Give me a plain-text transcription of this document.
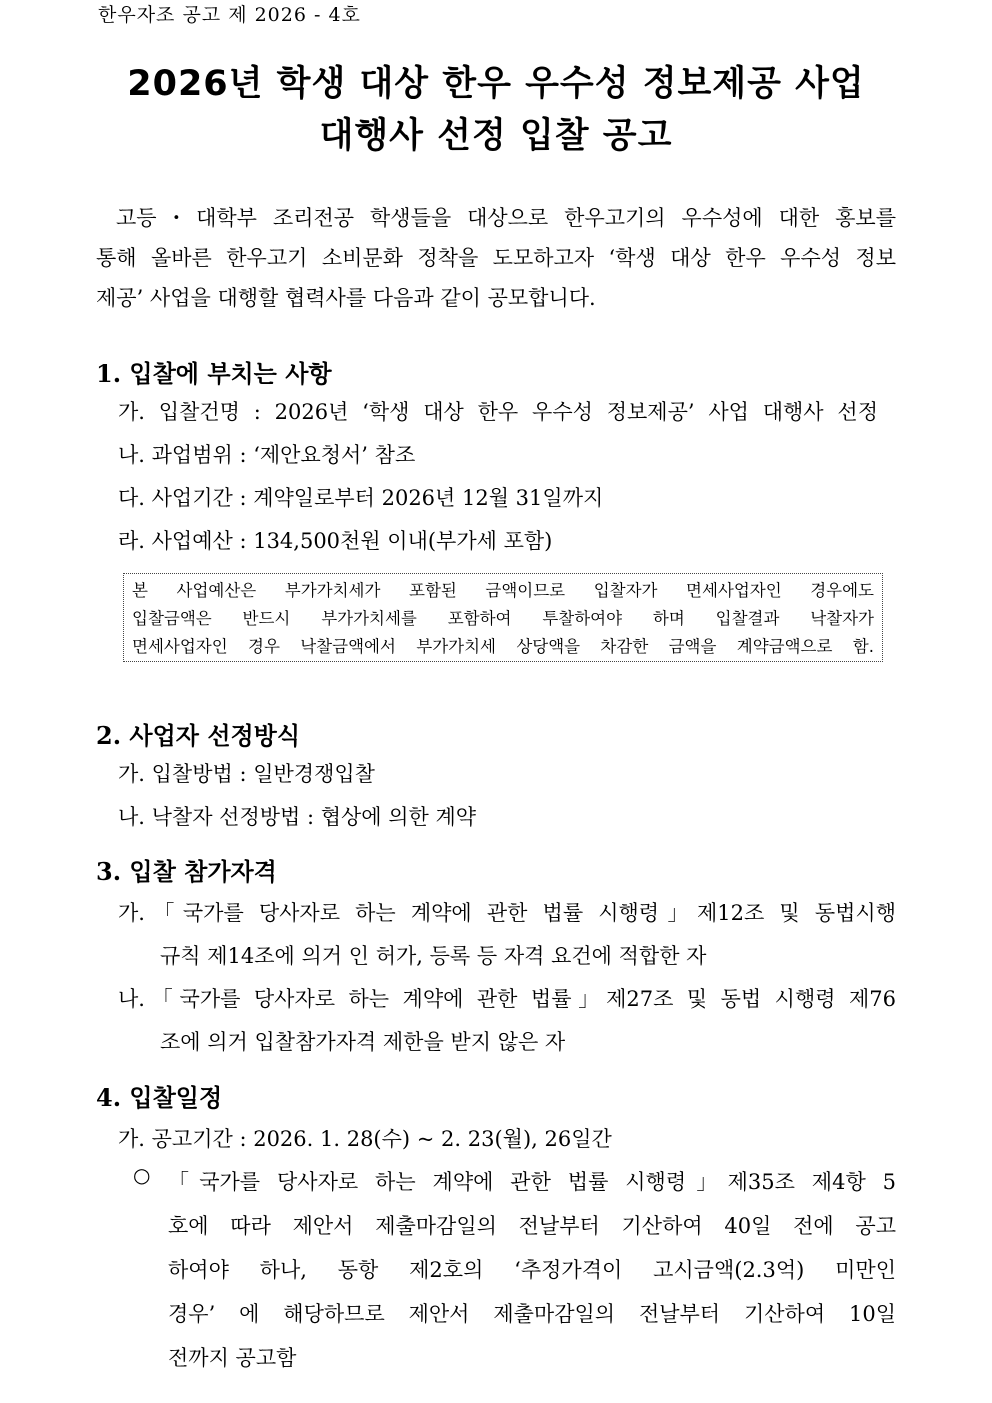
한우자조 공고 제 2026 - 4호
2026년 학생 대상 한우 우수성 정보제공 사업
대행사 선정 입찰 공고

고등・대학부 조리전공 학생들을 대상으로 한우고기의 우수성에 대한 홍보를

통해 올바른 한우고기 소비문화 정착을 도모하고자 ‘학생 대상 한우 우수성 정보

제공’ 사업을 대행할 협력사를 다음과 같이 공모합니다.

1. 입찰에 부치는 사항
가. 입찰건명 : 2026년 ‘학생 대상 한우 우수성 정보제공’ 사업 대행사 선정
나. 과업범위 : ‘제안요청서’ 참조
다. 사업기간 : 계약일로부터 2026년 12월 31일까지
라. 사업예산 : 134,500천원 이내(부가세 포함)
본 사업예산은 부가가치세가 포함된 금액이므로 입찰자가 면세사업자인 경우에도
입찰금액은 반드시 부가가치세를 포함하여 투찰하여야 하며 입찰결과 낙찰자가
면세사업자인 경우 낙찰금액에서 부가가치세 상당액을 차감한 금액을 계약금액으로 함.
2. 사업자 선정방식
가. 입찰방법 : 일반경쟁입찰
나. 낙찰자 선정방법 : 협상에 의한 계약
3. 입찰 참가자격
가.「국가를 당사자로 하는 계약에 관한 법률 시행령」제12조 및 동법시행
규칙 제14조에 의거 인 허가, 등록 등 자격 요건에 적합한 자
나.「국가를 당사자로 하는 계약에 관한 법률」제27조 및 동법 시행령 제76
조에 의거 입찰참가자격 제한을 받지 않은 자
4. 입찰일정
가. 공고기간 : 2026. 1. 28(수) ~ 2. 23(월), 26일간
○ 「국가를 당사자로 하는 계약에 관한 법률 시행령」제35조 제4항 5
호에 따라 제안서 제출마감일의 전날부터 기산하여 40일 전에 공고
하여야 하나, 동항 제2호의 ‘추정가격이 고시금액(2.3억) 미만인
경우’ 에 해당하므로 제안서 제출마감일의 전날부터 기산하여 10일
전까지 공고함
